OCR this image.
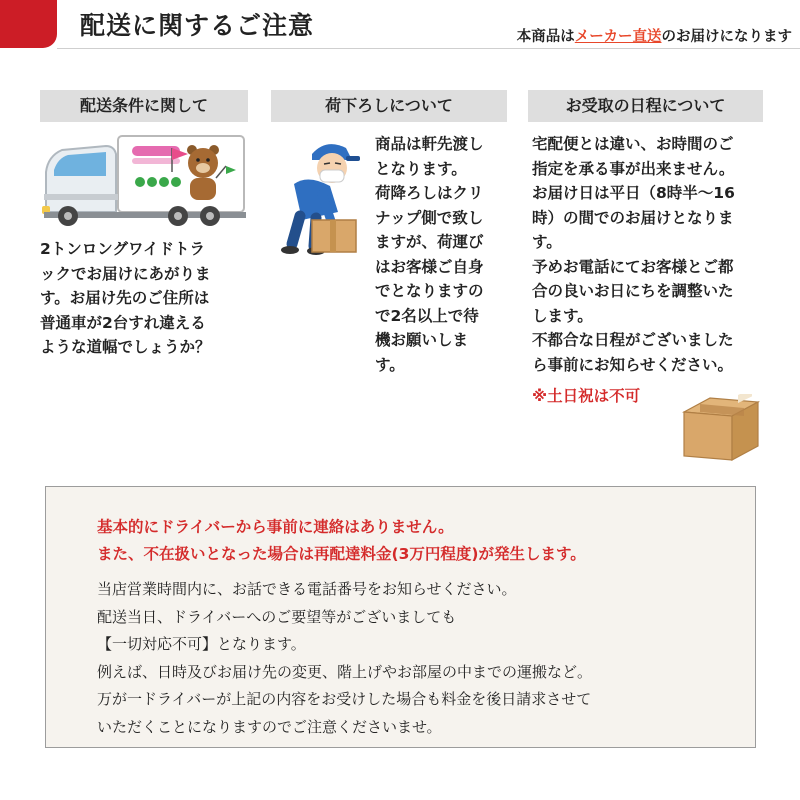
配送に関するご注意	本商品はメーカー直送のお届けになります
配送条件に関して
2トンロングワイドトラ
ックでお届けにあがりま
す。お届け先のご住所は
普通車が2台すれ違える
ような道幅でしょうか？
荷下ろしについて
商品は軒先渡し
となります。
荷降ろしはクリ
ナップ側で致し
ますが、荷運び
はお客様ご自身
でとなりますの
で2名以上で待
機お願いしま
す。
お受取の日程について
宅配便とは違い、お時間のご
指定を承る事が出来ません。
お届け日は平日（8時半〜16
時）の間でのお届けとなりま
す。
予めお電話にてお客様とご都
合の良いお日にちを調整いた
します。
不都合な日程がございました
ら事前にお知らせください。
※土日祝は不可
基本的にドライバーから事前に連絡はありません。
また、不在扱いとなった場合は再配達料金(3万円程度)が発生します。
当店営業時間内に、お話できる電話番号をお知らせください。
配送当日、ドライバーへのご要望等がございましても
【一切対応不可】となります。
例えば、日時及びお届け先の変更、階上げやお部屋の中までの運搬など。
万が一ドライバーが上記の内容をお受けした場合も料金を後日請求させて
いただくことになりますのでご注意くださいませ。
